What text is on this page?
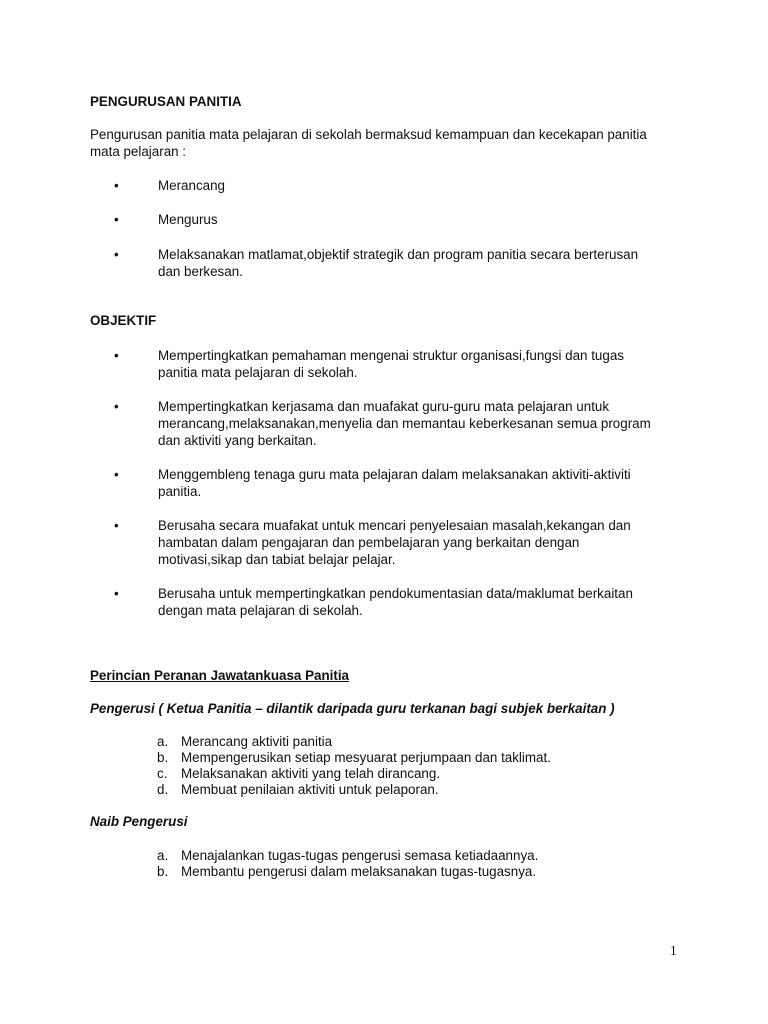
PENGURUSAN PANITIA
Pengurusan panitia mata pelajaran di sekolah bermaksud kemampuan dan kecekapan panitia
mata pelajaran :
•	Merancang
•	Mengurus
•	Melaksanakan matlamat,objektif strategik dan program panitia secara berterusan
dan berkesan.
OBJEKTIF
•	Mempertingkatkan pemahaman mengenai struktur organisasi,fungsi dan tugas
panitia mata pelajaran di sekolah.
•	Mempertingkatkan kerjasama dan muafakat guru-guru mata pelajaran untuk
merancang,melaksanakan,menyelia dan memantau keberkesanan semua program
dan aktiviti yang berkaitan.
•	Menggembleng tenaga guru mata pelajaran dalam melaksanakan aktiviti-aktiviti
panitia.
•	Berusaha secara muafakat untuk mencari penyelesaian masalah,kekangan dan
hambatan dalam pengajaran dan pembelajaran yang berkaitan dengan
motivasi,sikap dan tabiat belajar pelajar.
•	Berusaha untuk mempertingkatkan pendokumentasian data/maklumat berkaitan
dengan mata pelajaran di sekolah.
Perincian Peranan Jawatankuasa Panitia
Pengerusi ( Ketua Panitia – dilantik daripada guru terkanan bagi subjek berkaitan )
a. Merancang aktiviti panitia
b. Mempengerusikan setiap mesyuarat perjumpaan dan taklimat.
c. Melaksanakan aktiviti yang telah dirancang.
d. Membuat penilaian aktiviti untuk pelaporan.
Naib Pengerusi
a. Menajalankan tugas-tugas pengerusi semasa ketiadaannya.
b. Membantu pengerusi dalam melaksanakan tugas-tugasnya.
1
